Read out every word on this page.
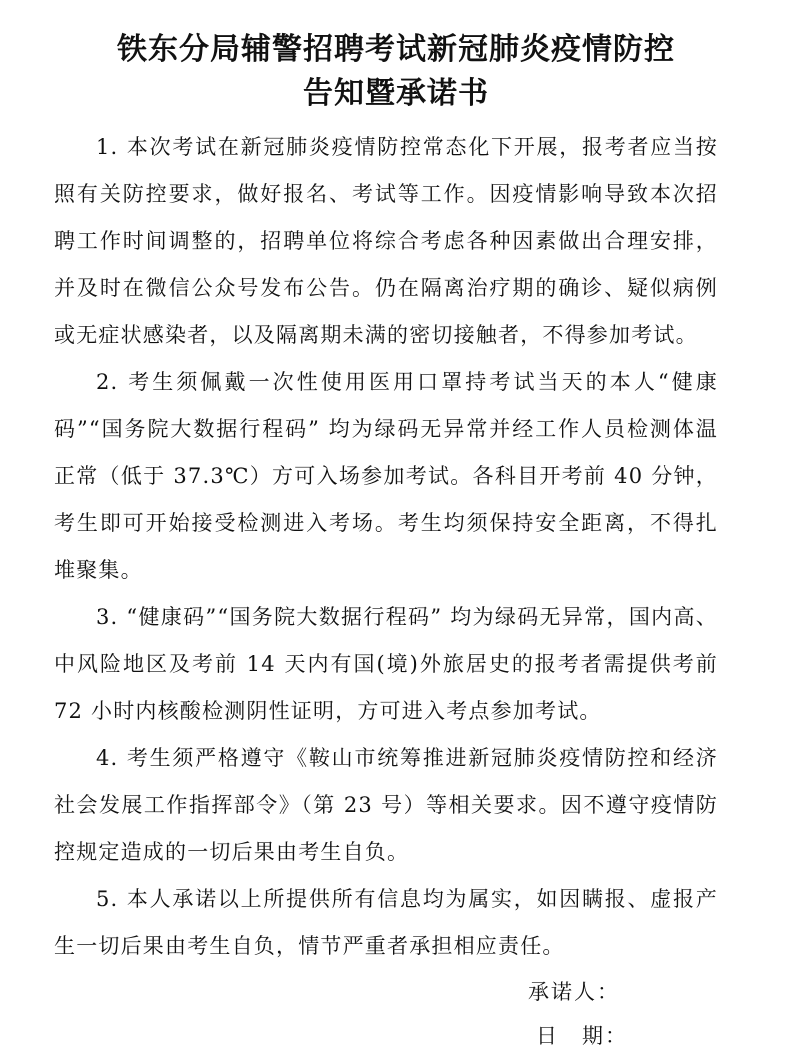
铁东分局辅警招聘考试新冠肺炎疫情防控
告知暨承诺书

1. 本次考试在新冠肺炎疫情防控常态化下开展，报考者应当按照有关防控要求，做好报名、考试等工作。因疫情影响导致本次招聘工作时间调整的，招聘单位将综合考虑各种因素做出合理安排，并及时在微信公众号发布公告。仍在隔离治疗期的确诊、疑似病例或无症状感染者，以及隔离期未满的密切接触者，不得参加考试。

2. 考生须佩戴一次性使用医用口罩持考试当天的本人“健康码”“国务院大数据行程码” 均为绿码无异常并经工作人员检测体温正常（低于 37.3℃）方可入场参加考试。各科目开考前 40 分钟，考生即可开始接受检测进入考场。考生均须保持安全距离，不得扎堆聚集。

3. “健康码”“国务院大数据行程码” 均为绿码无异常，国内高、中风险地区及考前 14 天内有国(境)外旅居史的报考者需提供考前 72 小时内核酸检测阴性证明，方可进入考点参加考试。

4. 考生须严格遵守《鞍山市统筹推进新冠肺炎疫情防控和经济社会发展工作指挥部令》（第 23 号）等相关要求。因不遵守疫情防控规定造成的一切后果由考生自负。

5. 本人承诺以上所提供所有信息均为属实，如因瞒报、虚报产生一切后果由考生自负，情节严重者承担相应责任。

承诺人：
日　期：
